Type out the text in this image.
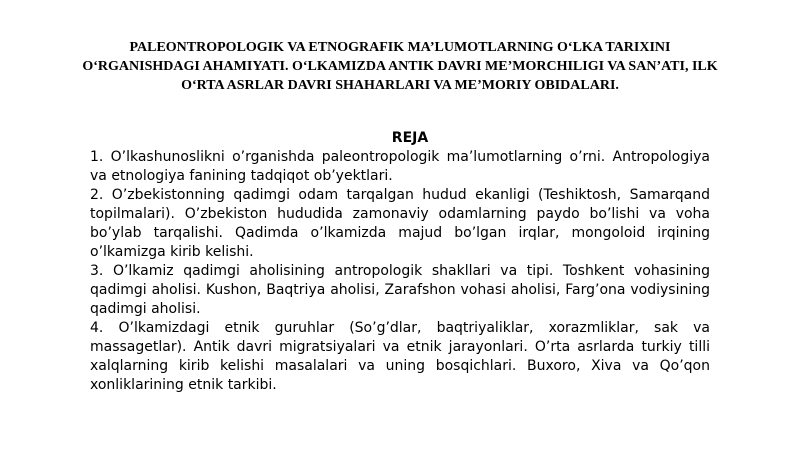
PALEONTROPOLOGIK VA ETNOGRAFIK MA’LUMOTLARNING O‘LKA TARIXINI O‘RGANISHDAGI AHAMIYATI. O‘LKAMIZDA ANTIK DAVRI ME’MORCHILIGI VA SAN’ATI, ILK O‘RTA ASRLAR DAVRI SHAHARLARI VA ME’MORIY OBIDALARI.

REJA

1. O’lkashunoslikni o’rganishda paleontropologik ma’lumotlarning o’rni. Antropologiya va etnologiya fanining tadqiqot ob’yektlari.

2. O’zbekistonning qadimgi odam tarqalgan hudud ekanligi (Teshiktosh, Samarqand topilmalari). O’zbekiston hududida zamonaviy odamlarning paydo bo’lishi va voha bo’ylab tarqalishi. Qadimda o’lkamizda majud bo’lgan irqlar, mongoloid irqining o’lkamizga kirib kelishi.

3. O’lkamiz qadimgi aholisining antropologik shakllari va tipi. Toshkent vohasining qadimgi aholisi. Kushon, Baqtriya aholisi, Zarafshon vohasi aholisi, Farg’ona vodiysining qadimgi aholisi.

4. O’lkamizdagi etnik guruhlar (So’g’dlar, baqtriyaliklar, xorazmliklar, sak va massagetlar). Antik davri migratsiyalari va etnik jarayonlari. O’rta asrlarda turkiy tilli xalqlarning kirib kelishi masalalari va uning bosqichlari. Buxoro, Xiva va Qo’qon xonliklarining etnik tarkibi.
